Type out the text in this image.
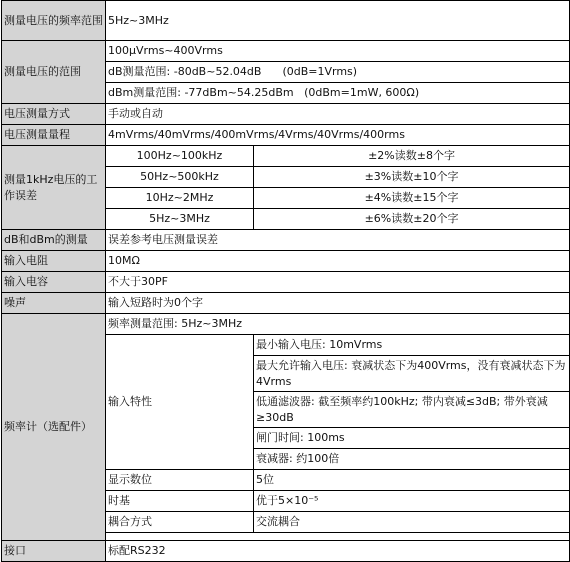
测量电压的频率范围	5Hz~3MHz	
测量电压的范围	100μVrms~400Vrms	
	dB测量范围: -80dB~52.04dB      (0dB=1Vrms)	
	dBm测量范围: -77dBm~54.25dBm   (0dBm=1mW, 600Ω)	
电压测量方式	手动或自动	
电压测量量程	4mVrms/40mVrms/400mVrms/4Vrms/40Vrms/400rms	
测量1kHz电压的工作误差	100Hz~100kHz	±2%读数±8个字
	50Hz~500kHz	±3%读数±10个字
	10Hz~2MHz	±4%读数±15个字
	5Hz~3MHz	±6%读数±20个字
dB和dBm的测量	误差参考电压测量误差	
输入电阻	10MΩ	
输入电容	不大于30PF	
噪声	输入短路时为0个字	
频率计（选配件）	频率测量范围: 5Hz~3MHz	
	输入特性	最小输入电压: 10mVrms
		最大允许输入电压: 衰减状态下为400Vrms，没有衰减状态下为4Vrms
		低通滤波器: 截至频率约100kHz; 带内衰减≤3dB; 带外衰减≥30dB
		闸门时间: 100ms
		衰减器: 约100倍
	显示数位	5位
	时基	优于5×10⁻⁵
	耦合方式	交流耦合

接口	标配RS232	
